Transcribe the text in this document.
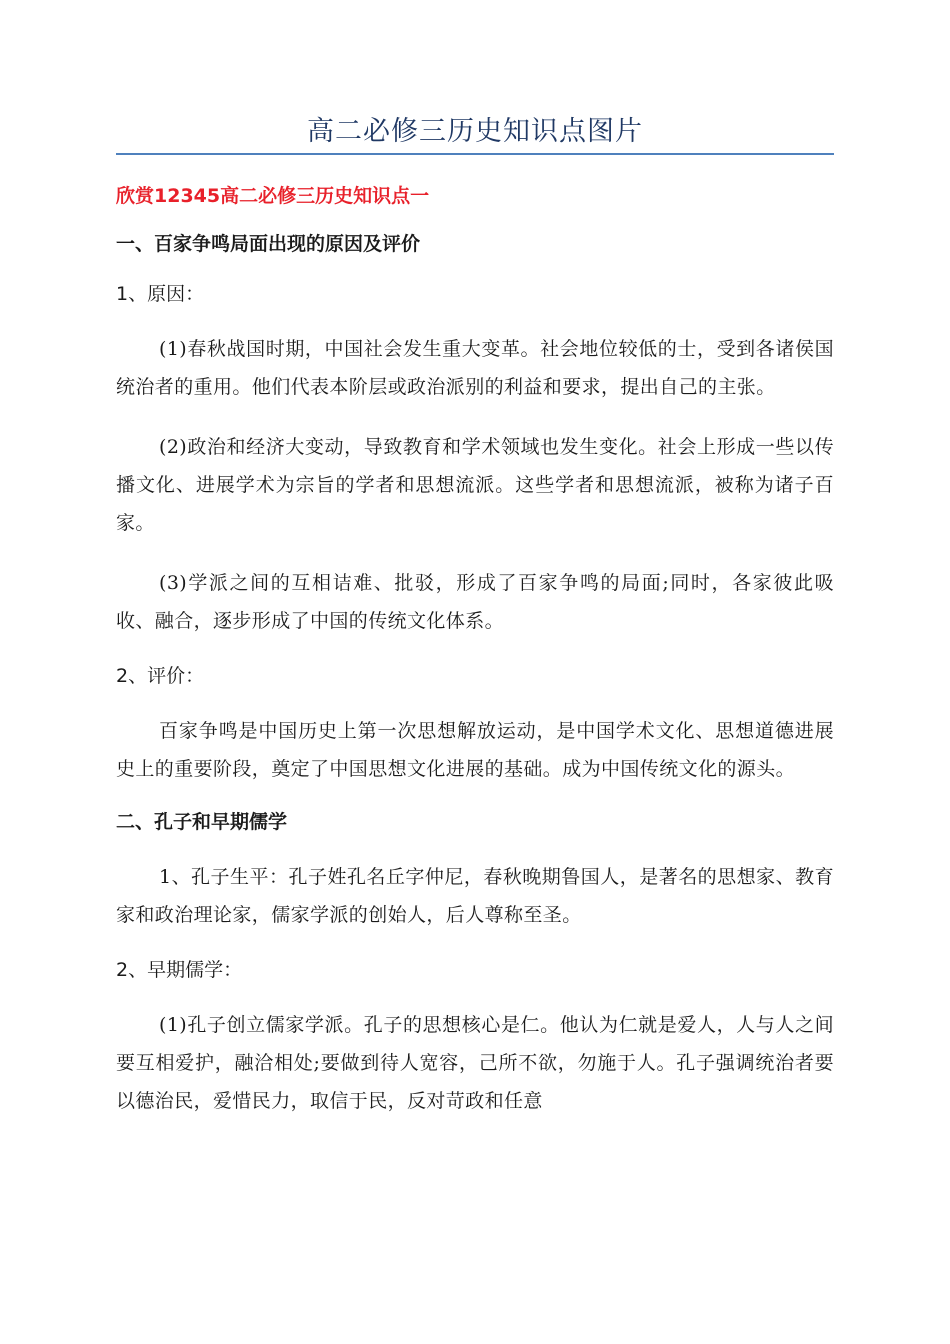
高二必修三历史知识点图片
欣赏12345高二必修三历史知识点一
一、百家争鸣局面出现的原因及评价
1、原因：

(1)春秋战国时期，中国社会发生重大变革。社会地位较低的士，受到各诸侯国统治者的重用。他们代表本阶层或政治派别的利益和要求，提出自己的主张。

(2)政治和经济大变动，导致教育和学术领域也发生变化。社会上形成一些以传播文化、进展学术为宗旨的学者和思想流派。这些学者和思想流派，被称为诸子百家。

(3)学派之间的互相诘难、批驳，形成了百家争鸣的局面;同时，各家彼此吸收、融合，逐步形成了中国的传统文化体系。

2、评价：

百家争鸣是中国历史上第一次思想解放运动，是中国学术文化、思想道德进展史上的重要阶段，奠定了中国思想文化进展的基础。成为中国传统文化的源头。

二、孔子和早期儒学

1、孔子生平：孔子姓孔名丘字仲尼，春秋晚期鲁国人，是著名的思想家、教育家和政治理论家，儒家学派的创始人，后人尊称至圣。

2、早期儒学：

(1)孔子创立儒家学派。孔子的思想核心是仁。他认为仁就是爱人，人与人之间要互相爱护，融洽相处;要做到待人宽容，己所不欲，勿施于人。孔子强调统治者要以德治民，爱惜民力，取信于民，反对苛政和任意
